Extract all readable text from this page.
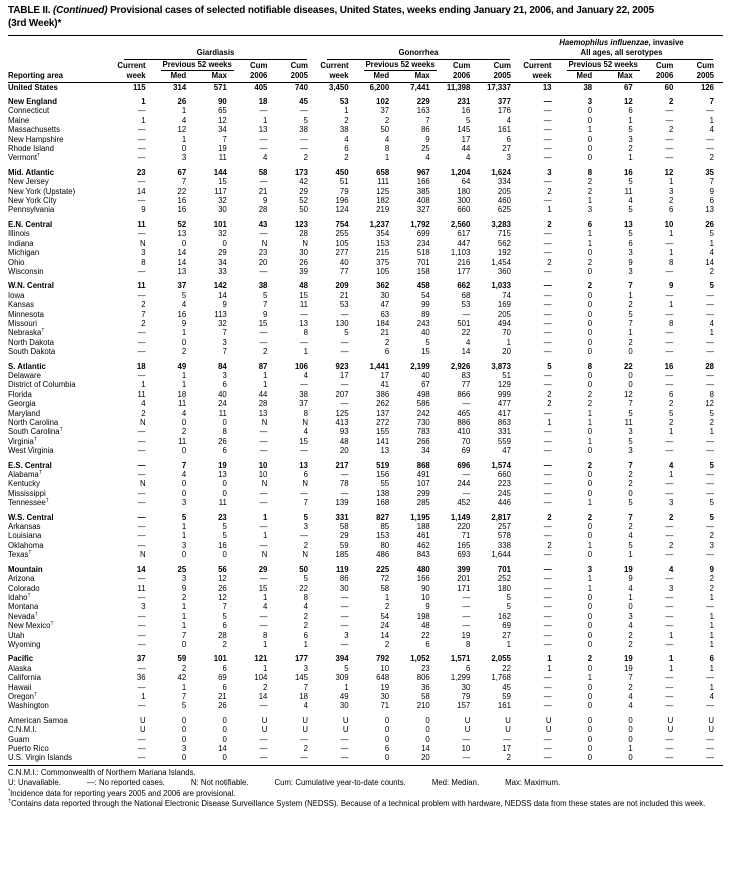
TABLE II. (Continued) Provisional cases of selected notifiable diseases, United States, weeks ending January 21, 2006, and January 22, 2005
(3rd Week)*

											Haemophilus influenzae, invasive				

	Giardiasis					Gonorrhea					All ages, all serotypes				

	Current	Previous 52 weeks		Cum	Cum	Current	Previous 52 weeks		Cum	Cum	Current	Previous 52 weeks		Cum	Cum
Reporting area	week	Med	Max	2006	2005	week	Med	Max	2006	2005	week	Med	Max	2006	2005
United States	115	314	571	405	740	3,450	6,200	7,441	11,398	17,337	13	38	67	60	126

New England	1	26	90	18	45	53	102	229	231	377	—	3	12	2	7
Connecticut	—	1	65	—	—	1	37	163	16	176	—	0	6	—	—
Maine	1	4	12	1	5	2	2	7	5	4	—	0	1	—	1
Massachusetts	—	12	34	13	38	38	50	86	145	161	—	1	5	2	4
New Hampshire	—	1	7	—	—	4	4	9	17	6	—	0	3	—	—
Rhode Island	—	0	19	—	—	6	8	25	44	27	—	0	2	—	—
Vermont†	—	3	11	4	2	2	1	4	4	3	—	0	1	—	2

Mid. Atlantic	23	67	144	58	173	450	658	967	1,204	1,624	3	8	16	12	35
New Jersey	—	7	15	—	42	51	111	166	64	334	—	2	5	1	7
New York (Upstate)	14	22	117	21	29	79	125	385	180	205	2	2	11	3	9
New York City	—	16	32	9	52	196	182	408	300	460	—	1	4	2	6
Pennsylvania	9	16	30	28	50	124	219	327	660	625	1	3	5	6	13

E.N. Central	11	52	101	43	123	754	1,237	1,792	2,560	3,283	2	6	13	10	26
Illinois	—	13	32	—	28	255	354	699	617	715	—	1	5	1	5
Indiana	N	0	0	N	N	105	153	234	447	562	—	1	6	—	1
Michigan	3	14	29	23	30	277	215	518	1,103	192	—	0	3	1	4
Ohio	8	14	34	20	26	40	375	701	216	1,454	2	2	9	8	14
Wisconsin	—	13	33	—	39	77	105	158	177	360	—	0	3	—	2

W.N. Central	11	37	142	38	48	209	362	458	662	1,033	—	2	7	9	5
Iowa	—	5	14	5	15	21	30	54	68	74	—	0	1	—	—
Kansas	2	4	9	7	11	53	47	99	53	169	—	0	2	1	—
Minnesota	7	16	113	9	—	—	63	89	—	205	—	0	5	—	—
Missouri	2	9	32	15	13	130	184	243	501	494	—	0	7	8	4
Nebraska†	—	1	7	—	8	5	21	40	22	70	—	0	1	—	1
North Dakota	—	0	3	—	—	—	2	5	4	1	—	0	2	—	—
South Dakota	—	2	7	2	1	—	6	15	14	20	—	0	0	—	—

S. Atlantic	18	49	84	87	106	923	1,441	2,199	2,926	3,873	5	8	22	16	28
Delaware	—	1	3	1	4	17	17	40	83	51	—	0	0	—	—
District of Columbia	1	1	6	1	—	—	41	67	77	129	—	0	0	—	—
Florida	11	18	40	44	38	207	386	498	866	999	2	2	12	6	8
Georgia	4	11	24	28	37	—	262	586	—	477	2	2	7	2	12
Maryland	2	4	11	13	8	125	137	242	465	417	—	1	5	5	5
North Carolina	N	0	0	N	N	413	272	730	886	863	1	1	11	2	2
South Carolina†	—	2	8	—	4	93	155	783	410	331	—	0	3	1	1
Virginia†	—	11	26	—	15	48	141	266	70	559	—	1	5	—	—
West Virginia	—	0	6	—	—	20	13	34	69	47	—	0	3	—	—

E.S. Central	—	7	19	10	13	217	519	868	696	1,574	—	2	7	4	5
Alabama†	—	4	13	10	6	—	156	491	—	660	—	0	2	1	—
Kentucky	N	0	0	N	N	78	55	107	244	223	—	0	2	—	—
Mississippi	—	0	0	—	—	—	138	299	—	245	—	0	0	—	—
Tennessee†	—	3	11	—	7	139	168	285	452	446	—	1	5	3	5

W.S. Central	—	5	23	1	5	331	827	1,195	1,149	2,817	2	2	7	2	5
Arkansas	—	1	5	—	3	58	85	188	220	257	—	0	2	—	—
Louisiana	—	1	5	1	—	29	153	461	71	578	—	0	4	—	2
Oklahoma	—	3	16	—	2	59	80	462	165	338	2	1	5	2	3
Texas†	N	0	0	N	N	185	486	843	693	1,644	—	0	1	—	—

Mountain	14	25	56	29	50	119	225	480	399	701	—	3	19	4	9
Arizona	—	3	12	—	5	86	72	166	201	252	—	1	9	—	2
Colorado	11	9	26	15	22	30	58	90	171	180	—	1	4	3	2
Idaho†	—	2	12	1	8	—	1	10	—	5	—	0	1	—	1
Montana	3	1	7	4	4	—	2	9	—	5	—	0	0	—	—
Nevada†	—	1	5	—	2	—	54	198	—	162	—	0	3	—	1
New Mexico†	—	1	6	—	2	—	24	48	—	69	—	0	4	—	1
Utah	—	7	28	8	6	3	14	22	19	27	—	0	2	1	1
Wyoming	—	0	2	1	1	—	2	6	8	1	—	0	2	—	1

Pacific	37	59	101	121	177	394	792	1,052	1,571	2,055	1	2	19	1	6
Alaska	—	2	6	1	3	5	10	23	6	22	1	0	19	1	1
California	36	42	69	104	145	309	648	806	1,299	1,768	—	1	7	—	—
Hawaii	—	1	6	2	7	1	19	36	30	45	—	0	2	—	1
Oregon†	1	7	21	14	18	49	30	58	79	59	—	0	4	—	4
Washington	—	5	26	—	4	30	71	210	157	161	—	0	4	—	—

American Samoa	U	0	0	U	U	U	0	0	U	U	U	0	0	U	U
C.N.M.I.	U	0	0	U	U	U	0	0	U	U	U	0	0	U	U
Guam	—	0	0	—	—	—	0	0	—	—	—	0	0	—	—
Puerto Rico	—	3	14	—	2	—	6	14	10	17	—	0	1	—	—
U.S. Virgin Islands	—	0	0	—	—	—	0	20	—	2	—	0	0	—	—
C.N.M.I.: Commonwealth of Northern Mariana Islands.
U: Unavailable.	—: No reported cases.	N: Not notifiable.	Cum: Cumulative year-to-date counts.	Med: Median.	Max: Maximum.
*Incidence data for reporting years 2005 and 2006 are provisional.
†Contains data reported through the National Electronic Disease Surveillance System (NEDSS). Because of a technical problem with hardware, NEDSS data from these states are not included this week.
